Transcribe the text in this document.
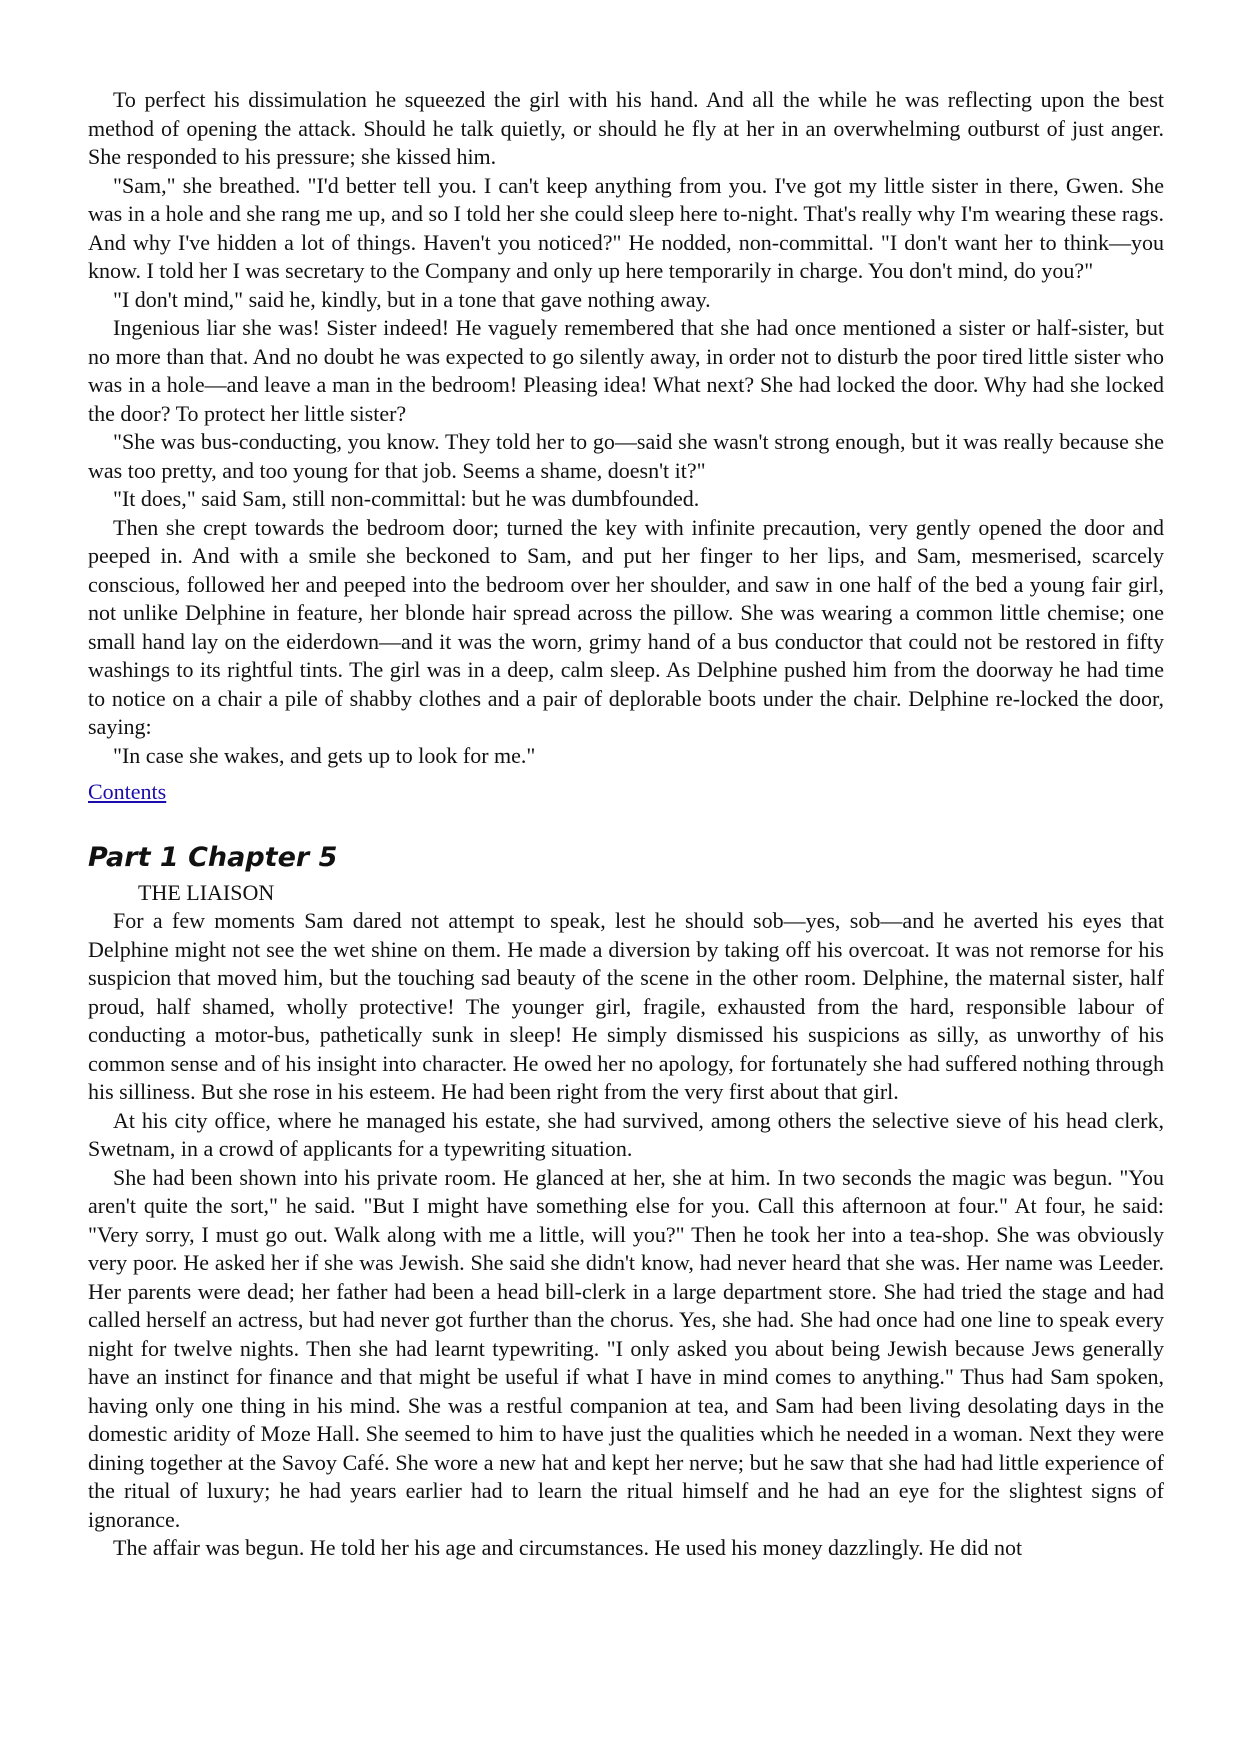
To perfect his dissimulation he squeezed the girl with his hand. And all the while he was reflecting upon the best method of opening the attack. Should he talk quietly, or should he fly at her in an overwhelming outburst of just anger. She responded to his pressure; she kissed him.

"Sam," she breathed. "I'd better tell you. I can't keep anything from you. I've got my little sister in there, Gwen. She was in a hole and she rang me up, and so I told her she could sleep here to-night. That's really why I'm wearing these rags. And why I've hidden a lot of things. Haven't you noticed?" He nodded, non-committal. "I don't want her to think—you know. I told her I was secretary to the Company and only up here temporarily in charge. You don't mind, do you?"

"I don't mind," said he, kindly, but in a tone that gave nothing away.

Ingenious liar she was! Sister indeed! He vaguely remembered that she had once mentioned a sister or half-sister, but no more than that. And no doubt he was expected to go silently away, in order not to disturb the poor tired little sister who was in a hole—and leave a man in the bedroom! Pleasing idea! What next? She had locked the door. Why had she locked the door? To protect her little sister?

"She was bus-conducting, you know. They told her to go—said she wasn't strong enough, but it was really because she was too pretty, and too young for that job. Seems a shame, doesn't it?"

"It does," said Sam, still non-committal: but he was dumbfounded.

Then she crept towards the bedroom door; turned the key with infinite precaution, very gently opened the door and peeped in. And with a smile she beckoned to Sam, and put her finger to her lips, and Sam, mesmerised, scarcely conscious, followed her and peeped into the bedroom over her shoulder, and saw in one half of the bed a young fair girl, not unlike Delphine in feature, her blonde hair spread across the pillow. She was wearing a common little chemise; one small hand lay on the eiderdown—and it was the worn, grimy hand of a bus conductor that could not be restored in fifty washings to its rightful tints. The girl was in a deep, calm sleep. As Delphine pushed him from the doorway he had time to notice on a chair a pile of shabby clothes and a pair of deplorable boots under the chair. Delphine re-locked the door, saying:

"In case she wakes, and gets up to look for me."

Contents
Part 1 Chapter 5

THE LIAISON

For a few moments Sam dared not attempt to speak, lest he should sob—yes, sob—and he averted his eyes that Delphine might not see the wet shine on them. He made a diversion by taking off his overcoat. It was not remorse for his suspicion that moved him, but the touching sad beauty of the scene in the other room. Delphine, the maternal sister, half proud, half shamed, wholly protective! The younger girl, fragile, exhausted from the hard, responsible labour of conducting a motor-bus, pathetically sunk in sleep! He simply dismissed his suspicions as silly, as unworthy of his common sense and of his insight into character. He owed her no apology, for fortunately she had suffered nothing through his silliness. But she rose in his esteem. He had been right from the very first about that girl.

At his city office, where he managed his estate, she had survived, among others the selective sieve of his head clerk, Swetnam, in a crowd of applicants for a typewriting situation.

She had been shown into his private room. He glanced at her, she at him. In two seconds the magic was begun. "You aren't quite the sort," he said. "But I might have something else for you. Call this afternoon at four." At four, he said: "Very sorry, I must go out. Walk along with me a little, will you?" Then he took her into a tea-shop. She was obviously very poor. He asked her if she was Jewish. She said she didn't know, had never heard that she was. Her name was Leeder. Her parents were dead; her father had been a head bill-clerk in a large department store. She had tried the stage and had called herself an actress, but had never got further than the chorus. Yes, she had. She had once had one line to speak every night for twelve nights. Then she had learnt typewriting. "I only asked you about being Jewish because Jews generally have an instinct for finance and that might be useful if what I have in mind comes to anything." Thus had Sam spoken, having only one thing in his mind. She was a restful companion at tea, and Sam had been living desolating days in the domestic aridity of Moze Hall. She seemed to him to have just the qualities which he needed in a woman. Next they were dining together at the Savoy Café. She wore a new hat and kept her nerve; but he saw that she had had little experience of the ritual of luxury; he had years earlier had to learn the ritual himself and he had an eye for the slightest signs of ignorance.

The affair was begun. He told her his age and circumstances. He used his money dazzlingly. He did not
